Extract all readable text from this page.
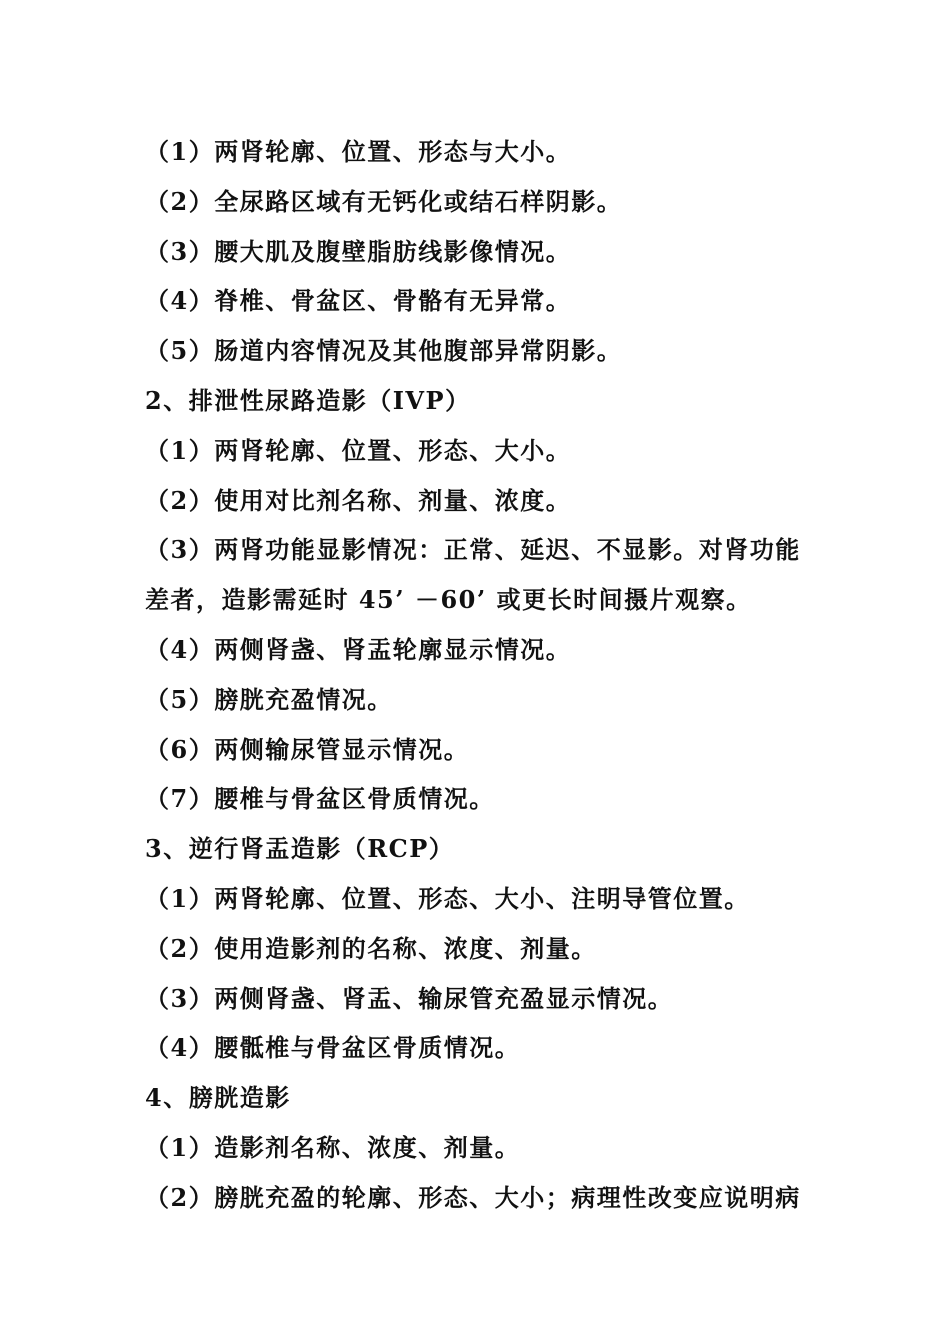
（1）两肾轮廓、位置、形态与大小。
（2）全尿路区域有无钙化或结石样阴影。
（3）腰大肌及腹壁脂肪线影像情况。
（4）脊椎、骨盆区、骨骼有无异常。
（5）肠道内容情况及其他腹部异常阴影。
2、排泄性尿路造影（IVP）
（1）两肾轮廓、位置、形态、大小。
（2）使用对比剂名称、剂量、浓度。
（3）两肾功能显影情况：正常、延迟、不显影。对肾功能
差者，造影需延时 45’ －60’ 或更长时间摄片观察。
（4）两侧肾盏、肾盂轮廓显示情况。
（5）膀胱充盈情况。
（6）两侧输尿管显示情况。
（7）腰椎与骨盆区骨质情况。
3、逆行肾盂造影（RCP）
（1）两肾轮廓、位置、形态、大小、注明导管位置。
（2）使用造影剂的名称、浓度、剂量。
（3）两侧肾盏、肾盂、输尿管充盈显示情况。
（4）腰骶椎与骨盆区骨质情况。
4、膀胱造影
（1）造影剂名称、浓度、剂量。
（2）膀胱充盈的轮廓、形态、大小；病理性改变应说明病
